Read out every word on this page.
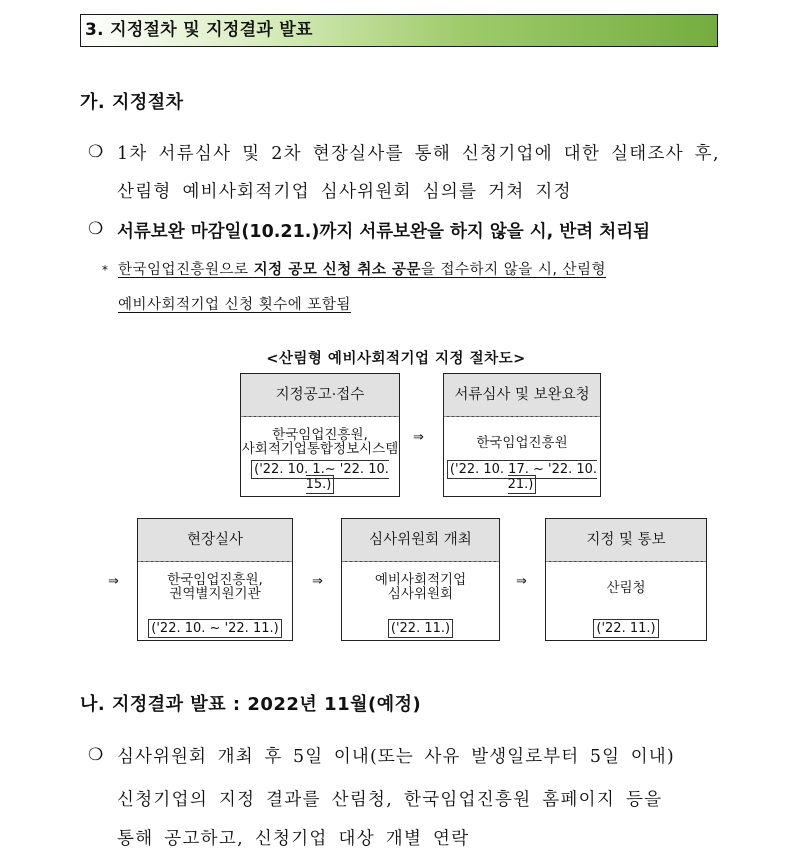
3. 지정절차 및 지정결과 발표
가. 지정절차
❍ 1차 서류심사 및 2차 현장실사를 통해 신청기업에 대한 실태조사 후,
산림형 예비사회적기업 심사위원회 심의를 거쳐 지정
❍ 서류보완 마감일(10.21.)까지 서류보완을 하지 않을 시, 반려 처리됨
* 한국임업진흥원으로 지정 공모 신청 취소 공문을 접수하지 않을 시, 산림형
예비사회적기업 신청 횟수에 포함됨
<산림형 예비사회적기업 지정 절차도>
지정공고·접수
한국임업진흥원,
사회적기업통합정보시스템
('22. 10. 1.~ '22. 10. 15.)
⇒
서류심사 및 보완요청
한국임업진흥원
('22. 10. 17. ~ '22. 10. 21.)
⇒
현장실사
한국임업진흥원,
권역별지원기관
('22. 10. ~ '22. 11.)
⇒
심사위원회 개최
예비사회적기업
심사위원회
('22. 11.)
⇒
지정 및 통보
산림청
('22. 11.)
나. 지정결과 발표 : 2022년 11월(예정)
❍ 심사위원회 개최 후 5일 이내(또는 사유 발생일로부터 5일 이내)
신청기업의 지정 결과를 산림청, 한국임업진흥원 홈페이지 등을
통해 공고하고, 신청기업 대상 개별 연락
